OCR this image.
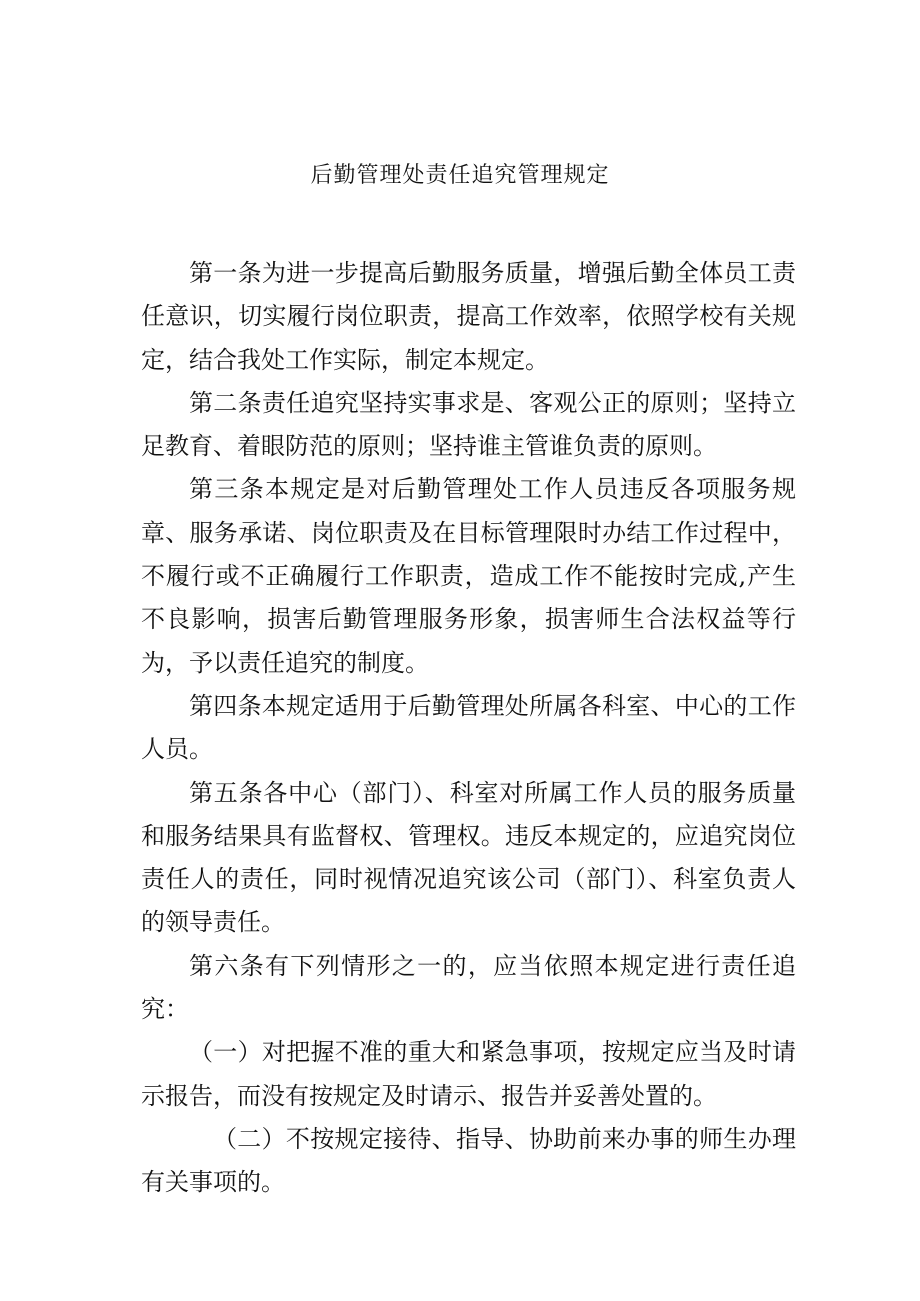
后勤管理处责任追究管理规定

第一条为进一步提高后勤服务质量，增强后勤全体员工责任意识，切实履行岗位职责，提高工作效率，依照学校有关规定，结合我处工作实际，制定本规定。

第二条责任追究坚持实事求是、客观公正的原则；坚持立足教育、着眼防范的原则；坚持谁主管谁负责的原则。

第三条本规定是对后勤管理处工作人员违反各项服务规章、服务承诺、岗位职责及在目标管理限时办结工作过程中，不履行或不正确履行工作职责，造成工作不能按时完成,产生不良影响，损害后勤管理服务形象，损害师生合法权益等行为，予以责任追究的制度。

第四条本规定适用于后勤管理处所属各科室、中心的工作人员。

第五条各中心（部门）、科室对所属工作人员的服务质量和服务结果具有监督权、管理权。违反本规定的，应追究岗位责任人的责任，同时视情况追究该公司（部门）、科室负责人的领导责任。

第六条有下列情形之一的，应当依照本规定进行责任追究：

（一）对把握不准的重大和紧急事项，按规定应当及时请示报告，而没有按规定及时请示、报告并妥善处置的。

（二）不按规定接待、指导、协助前来办事的师生办理有关事项的。
